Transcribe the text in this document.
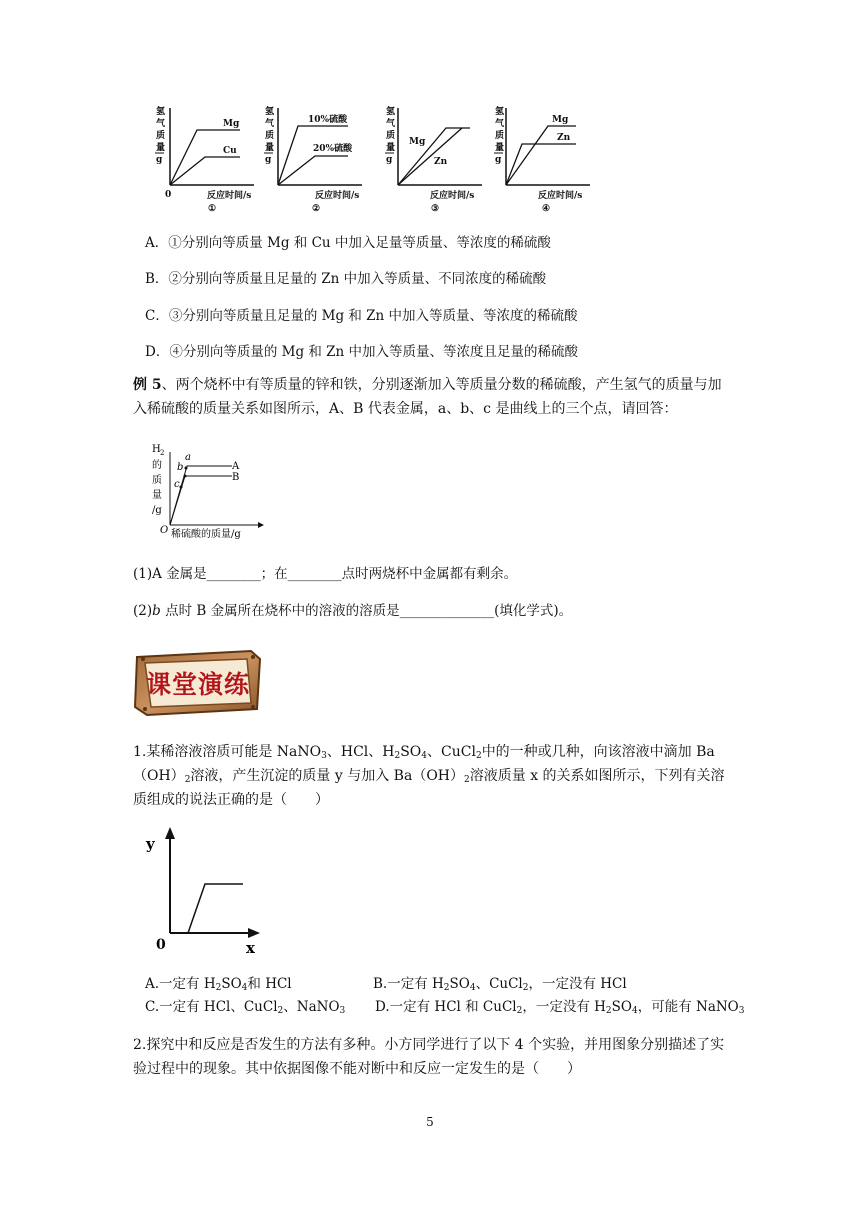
氢
气
质
量
g
Mg
Cu
0	反应时间/s
①
氢
气
质
量
g
10%硫酸
20%硫酸
反应时间/s
②
氢
气
质
量
g
Mg
Zn
反应时间/s
③
氢
气
质
量
g
Mg
Zn
反应时间/s
④
A．①分别向等质量 Mg 和 Cu 中加入足量等质量、等浓度的稀硫酸
B．②分别向等质量且足量的 Zn 中加入等质量、不同浓度的稀硫酸
C．③分别向等质量且足量的 Mg 和 Zn 中加入等质量、等浓度的稀硫酸
D．④分别向等质量的 Mg 和 Zn 中加入等质量、等浓度且足量的稀硫酸
例 5、两个烧杯中有等质量的锌和铁，分别逐渐加入等质量分数的稀硫酸，产生氢气的质量与加入稀硫酸的质量关系如图所示，A、B 代表金属，a、b、c 是曲线上的三个点，请回答：
H 2
的
质
量
/g
a
b
c
A
B
O 稀硫酸的质量/g
(1)A 金属是________；在________点时两烧杯中金属都有剩余。
(2)b 点时 B 金属所在烧杯中的溶液的溶质是______________(填化学式)。
课堂演练
1.某稀溶液溶质可能是 NaNO$_3$、HCl、$H_2SO_4$、CuCl$_2$中的一种或几种，向该溶液中滴加 $Ba(OH)_2$溶液，产生沉淀的质量 y 与加入 $Ba(OH)_2$溶液质量 x 的关系如图所示，下列有关溶质组成的说法正确的是（　　）
y
x
0
A.一定有 $H_2SO_4$和 HCl	B.一定有 $H_2SO_4$、CuCl$_2$，一定没有 HCl
C.一定有 HCl、CuCl$_2$、NaNO$_3$ D.一定有 HCl 和 CuCl$_2$，一定没有 $H_2SO_4$，可能有 NaNO$_3$
2.探究中和反应是否发生的方法有多种。小方同学进行了以下 4 个实验，并用图象分别描述了实验过程中的现象。其中依据图像不能对断中和反应一定发生的是（　　）
5
